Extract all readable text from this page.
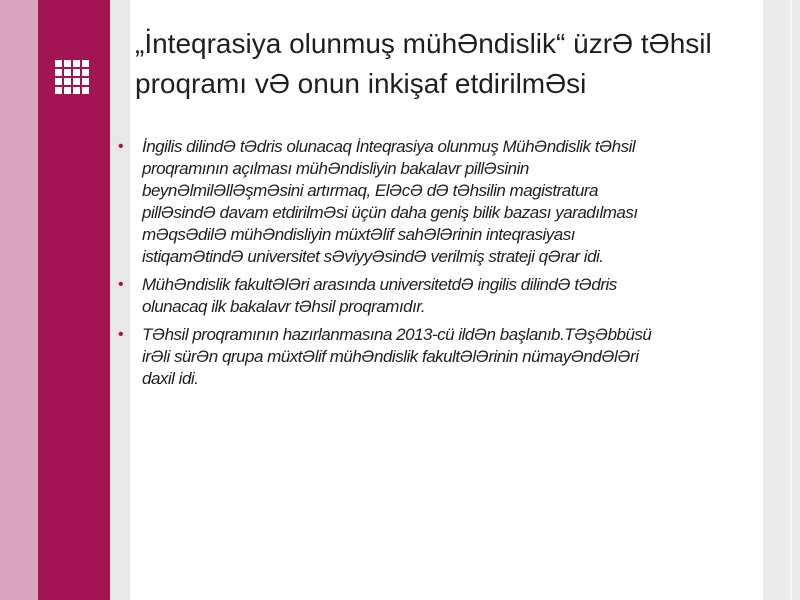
„İnteqrasiya olunmuş mühƏndislik“ üzrƏ tƏhsil
proqramı vƏ onun inkişaf etdirilmƏsi
• İngilis dilindƏ tƏdris olunacaq İnteqrasiya olunmuş MühƏndislik tƏhsil
proqramının açılması mühƏndisliyin bakalavr pillƏsinin
beynƏlmilƏllƏşmƏsini artırmaq, ElƏcƏ dƏ tƏhsilin magistratura
pillƏsindƏ davam etdirilmƏsi üçün daha geniş bilik bazası yaradılması
mƏqsƏdilƏ mühƏndisliyin müxtƏlif sahƏlƏrinin inteqrasiyası
istiqamƏtindƏ universitet sƏviyyƏsindƏ verilmiş strateji qƏrar idi.
• MühƏndislik fakultƏlƏri arasında universitetdƏ ingilis dilindƏ tƏdris
olunacaq ilk bakalavr tƏhsil proqramıdır.
• TƏhsil proqramının hazırlanmasına 2013-cü ildƏn başlanıb.TƏşƏbbüsü
irƏli sürƏn qrupa müxtƏlif mühƏndislik fakultƏlƏrinin nümayƏndƏlƏri
daxil idi.
